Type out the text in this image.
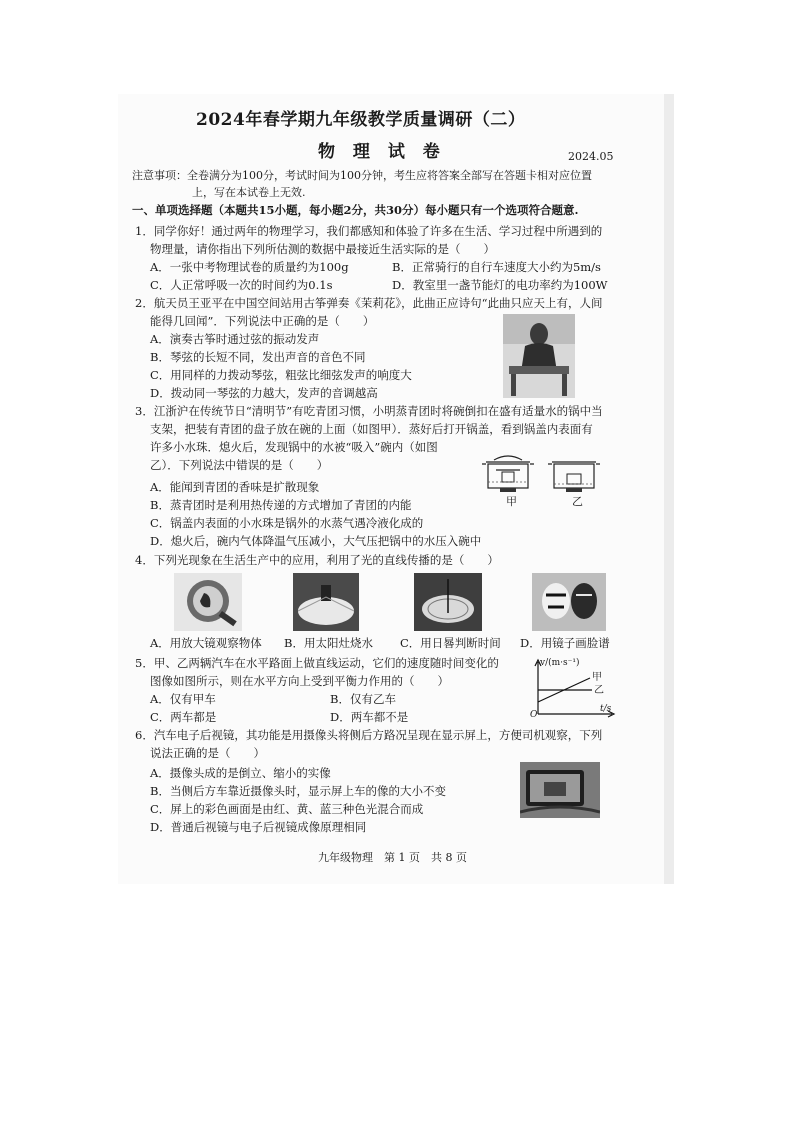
2024年春学期九年级教学质量调研（二）
物 理 试 卷	2024.05
注意事项：全卷满分为100分，考试时间为100分钟，考生应将答案全部写在答题卡相对应位置
上，写在本试卷上无效.
一、单项选择题（本题共15小题，每小题2分，共30分）每小题只有一个选项符合题意.
1．同学你好！通过两年的物理学习，我们都感知和体验了许多在生活、学习过程中所遇到的
物理量，请你指出下列所估测的数据中最接近生活实际的是（　　）
A．一张中考物理试卷的质量约为100g	B．正常骑行的自行车速度大小约为5m/s
C．人正常呼吸一次的时间约为0.1s	D．教室里一盏节能灯的电功率约为100W
2．航天员王亚平在中国空间站用古筝弹奏《茉莉花》，此曲正应诗句“此曲只应天上有，人间
能得几回闻”．下列说法中正确的是（　　）
A．演奏古筝时通过弦的振动发声
B．琴弦的长短不同，发出声音的音色不同
C．用同样的力拨动琴弦，粗弦比细弦发声的响度大
D．拨动同一琴弦的力越大，发声的音调越高
3．江浙沪在传统节日“清明节”有吃青团习惯，小明蒸青团时将碗倒扣在盛有适量水的锅中当
支架，把装有青团的盘子放在碗的上面（如图甲）．蒸好后打开锅盖，看到锅盖内表面有
许多小水珠．熄火后，发现锅中的水被“吸入”碗内（如图
乙）．下列说法中错误的是（　　）
甲	乙
A．能闻到青团的香味是扩散现象
B．蒸青团时是利用热传递的方式增加了青团的内能
C．锅盖内表面的小水珠是锅外的水蒸气遇冷液化成的
D．熄火后，碗内气体降温气压减小，大气压把锅中的水压入碗中
4．下列光现象在生活生产中的应用，利用了光的直线传播的是（　　）
A．用放大镜观察物体 B．用太阳灶烧水 C．用日晷判断时间 D．用镜子画脸谱
5．甲、乙两辆汽车在水平路面上做直线运动，它们的速度随时间变化的
图像如图所示，则在水平方向上受到平衡力作用的（　　）
A．仅有甲车	B．仅有乙车
C．两车都是	D．两车都不是
v/(m·s⁻¹)
甲
乙
O
t/s
6．汽车电子后视镜，其功能是用摄像头将侧后方路况呈现在显示屏上，方便司机观察，下列
说法正确的是（　　）
A．摄像头成的是倒立、缩小的实像
B．当侧后方车靠近摄像头时，显示屏上车的像的大小不变
C．屏上的彩色画面是由红、黄、蓝三种色光混合而成
D．普通后视镜与电子后视镜成像原理相同
九年级物理　第 1 页　共 8 页
